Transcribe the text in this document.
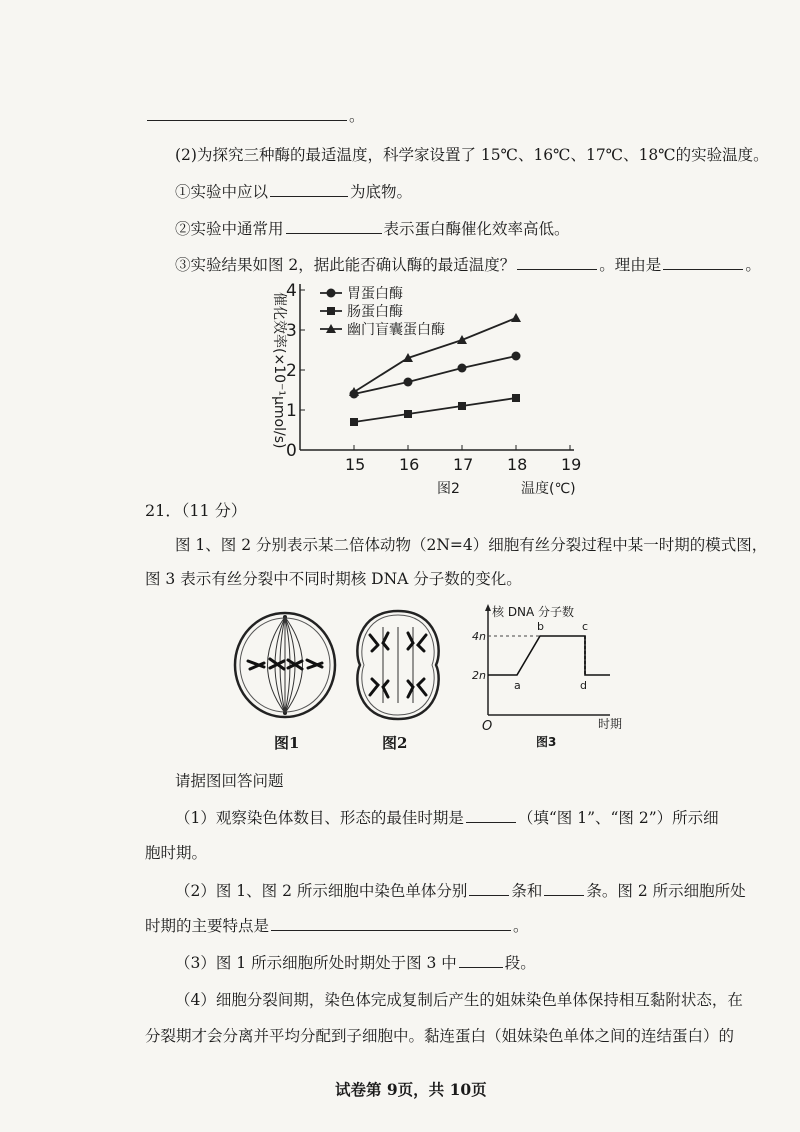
。
(2)为探究三种酶的最适温度，科学家设置了 15℃、16℃、17℃、18℃的实验温度。
①实验中应以	为底物。
②实验中通常用	表示蛋白酶催化效率高低。
③实验结果如图 2，据此能否确认酶的最适温度？	。理由是	。
0
1
2
3
4
15 16 17 18 19
催化效率(×10⁻¹μmol/s)
温度(℃)
图2
胃蛋白酶
肠蛋白酶
幽门盲囊蛋白酶
21．（11 分）
图 1、图 2 分别表示某二倍体动物（2N=4）细胞有丝分裂过程中某一时期的模式图，
图 3 表示有丝分裂中不同时期核 DNA 分子数的变化。
图1	图2
核 DNA 分子数
4n
2n
O	时期
a
b	c
d
图3
请据图回答问题
（1）观察染色体数目、形态的最佳时期是	（填“图 1”、“图 2”）所示细
胞时期。
（2）图 1、图 2 所示细胞中染色单体分别	条和	条。图 2 所示细胞所处
时期的主要特点是	。
（3）图 1 所示细胞所处时期处于图 3 中	段。
（4）细胞分裂间期，染色体完成复制后产生的姐妹染色单体保持相互黏附状态，在
分裂期才会分离并平均分配到子细胞中。黏连蛋白（姐妹染色单体之间的连结蛋白）的
试卷第 9页，共 10页
